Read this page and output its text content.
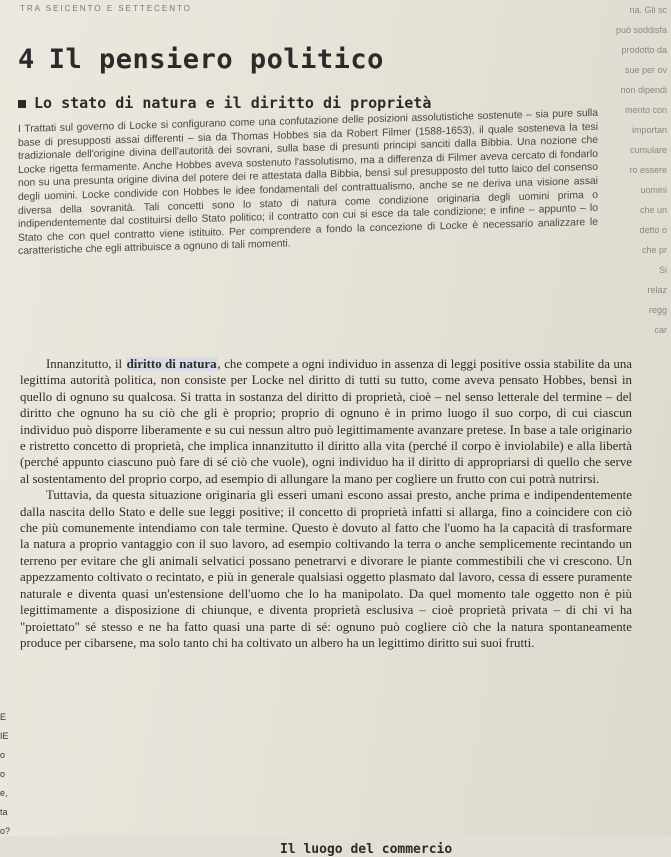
TRA SEICENTO E SETTECENTO	na. Gli sc
può soddisfa
prodotto da
sue per ov
non dipendi
mento con
importan
cumulare
ro essere
uomini
che un
detto o
che pr
Si
relaz
regg
car
4 Il pensiero politico
Lo stato di natura e il diritto di proprietà

I Trattati sul governo di Locke si configurano come una confutazione delle posizioni assolutistiche sostenute – sia pure sulla base di presupposti assai differenti – sia da Thomas Hobbes sia da Robert Filmer (1588-1653), il quale sosteneva la tesi tradizionale dell'origine divina dell'autorità dei sovrani, sulla base di presunti principi sanciti dalla Bibbia. Una nozione che Locke rigetta fermamente. Anche Hobbes aveva sostenuto l'assolutismo, ma a differenza di Filmer aveva cercato di fondarlo non su una presunta origine divina del potere dei re attestata dalla Bibbia, bensì sul presupposto del tutto laico del consenso degli uomini. Locke condivide con Hobbes le idee fondamentali del contrattualismo, anche se ne deriva una visione assai diversa della sovranità. Tali concetti sono lo stato di natura come condizione originaria degli uomini prima o indipendentemente dal costituirsi dello Stato politico; il contratto con cui si esce da tale condizione; e infine – appunto – lo Stato che con quel contratto viene istituito. Per comprendere a fondo la concezione di Locke è necessario analizzare le caratteristiche che egli attribuisce a ognuno di tali momenti.

Innanzitutto, il diritto di natura, che compete a ogni individuo in assenza di leggi positive ossia stabilite da una legittima autorità politica, non consiste per Locke nel diritto di tutti su tutto, come aveva pensato Hobbes, bensì in quello di ognuno su qualcosa. Si tratta in sostanza del diritto di proprietà, cioè – nel senso letterale del termine – del diritto che ognuno ha su ciò che gli è proprio; proprio di ognuno è in primo luogo il suo corpo, di cui ciascun individuo può disporre liberamente e su cui nessun altro può legittimamente avanzare pretese. In base a tale originario e ristretto concetto di proprietà, che implica innanzitutto il diritto alla vita (perché il corpo è inviolabile) e alla libertà (perché appunto ciascuno può fare di sé ciò che vuole), ogni individuo ha il diritto di appropriarsi di quello che serve al sostentamento del proprio corpo, ad esempio di allungare la mano per cogliere un frutto con cui potrà nutrirsi.

Tuttavia, da questa situazione originaria gli esseri umani escono assai presto, anche prima e indipendentemente dalla nascita dello Stato e delle sue leggi positive; il concetto di proprietà infatti si allarga, fino a coincidere con ciò che più comunemente intendiamo con tale termine. Questo è dovuto al fatto che l'uomo ha la capacità di trasformare la natura a proprio vantaggio con il suo lavoro, ad esempio coltivando la terra o anche semplicemente recintando un terreno per evitare che gli animali selvatici possano penetrarvi e divorare le piante commestibili che vi crescono. Un appezzamento coltivato o recintato, e più in generale qualsiasi oggetto plasmato dal lavoro, cessa di essere puramente naturale e diventa quasi un'estensione dell'uomo che lo ha manipolato. Da quel momento tale oggetto non è più legittimamente a disposizione di chiunque, e diventa proprietà esclusiva – cioè proprietà privata – di chi vi ha "proiettato" sé stesso e ne ha fatto quasi una parte di sé: ognuno può cogliere ciò che la natura spontaneamente produce per cibarsene, ma solo tanto chi ha coltivato un albero ha un legittimo diritto sui suoi frutti.

E
IE
o
o
e,
ta
o?
Il luogo del commercio
